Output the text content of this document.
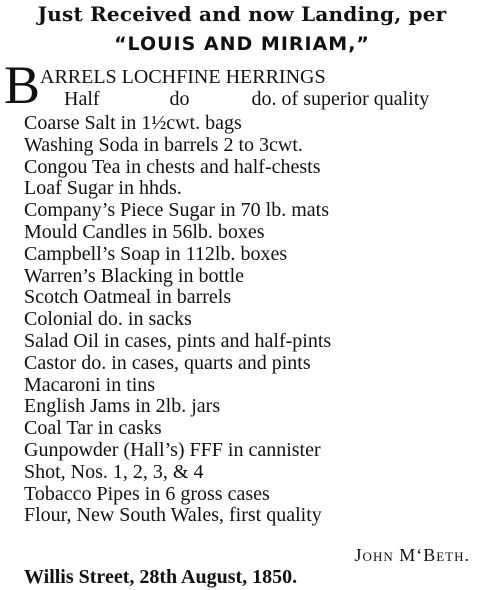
Just Received and now Landing, per
“LOUIS AND MIRIAM,”
B ARRELS LOCHFINE HERRINGS
Half	do	do. of superior quality
Coarse Salt in 1½cwt. bags
Washing Soda in barrels 2 to 3cwt.
Congou Tea in chests and half-chests
Loaf Sugar in hhds.
Company’s Piece Sugar in 70 lb. mats
Mould Candles in 56lb. boxes
Campbell’s Soap in 112lb. boxes
Warren’s Blacking in bottle
Scotch Oatmeal in barrels
Colonial do. in sacks
Salad Oil in cases, pints and half-pints
Castor do. in cases, quarts and pints
Macaroni in tins
English Jams in 2lb. jars
Coal Tar in casks
Gunpowder (Hall’s) FFF in cannister
Shot, Nos. 1, 2, 3, & 4
Tobacco Pipes in 6 gross cases
Flour, New South Wales, first quality
John M‘Beth.
Willis Street, 28th August, 1850.
